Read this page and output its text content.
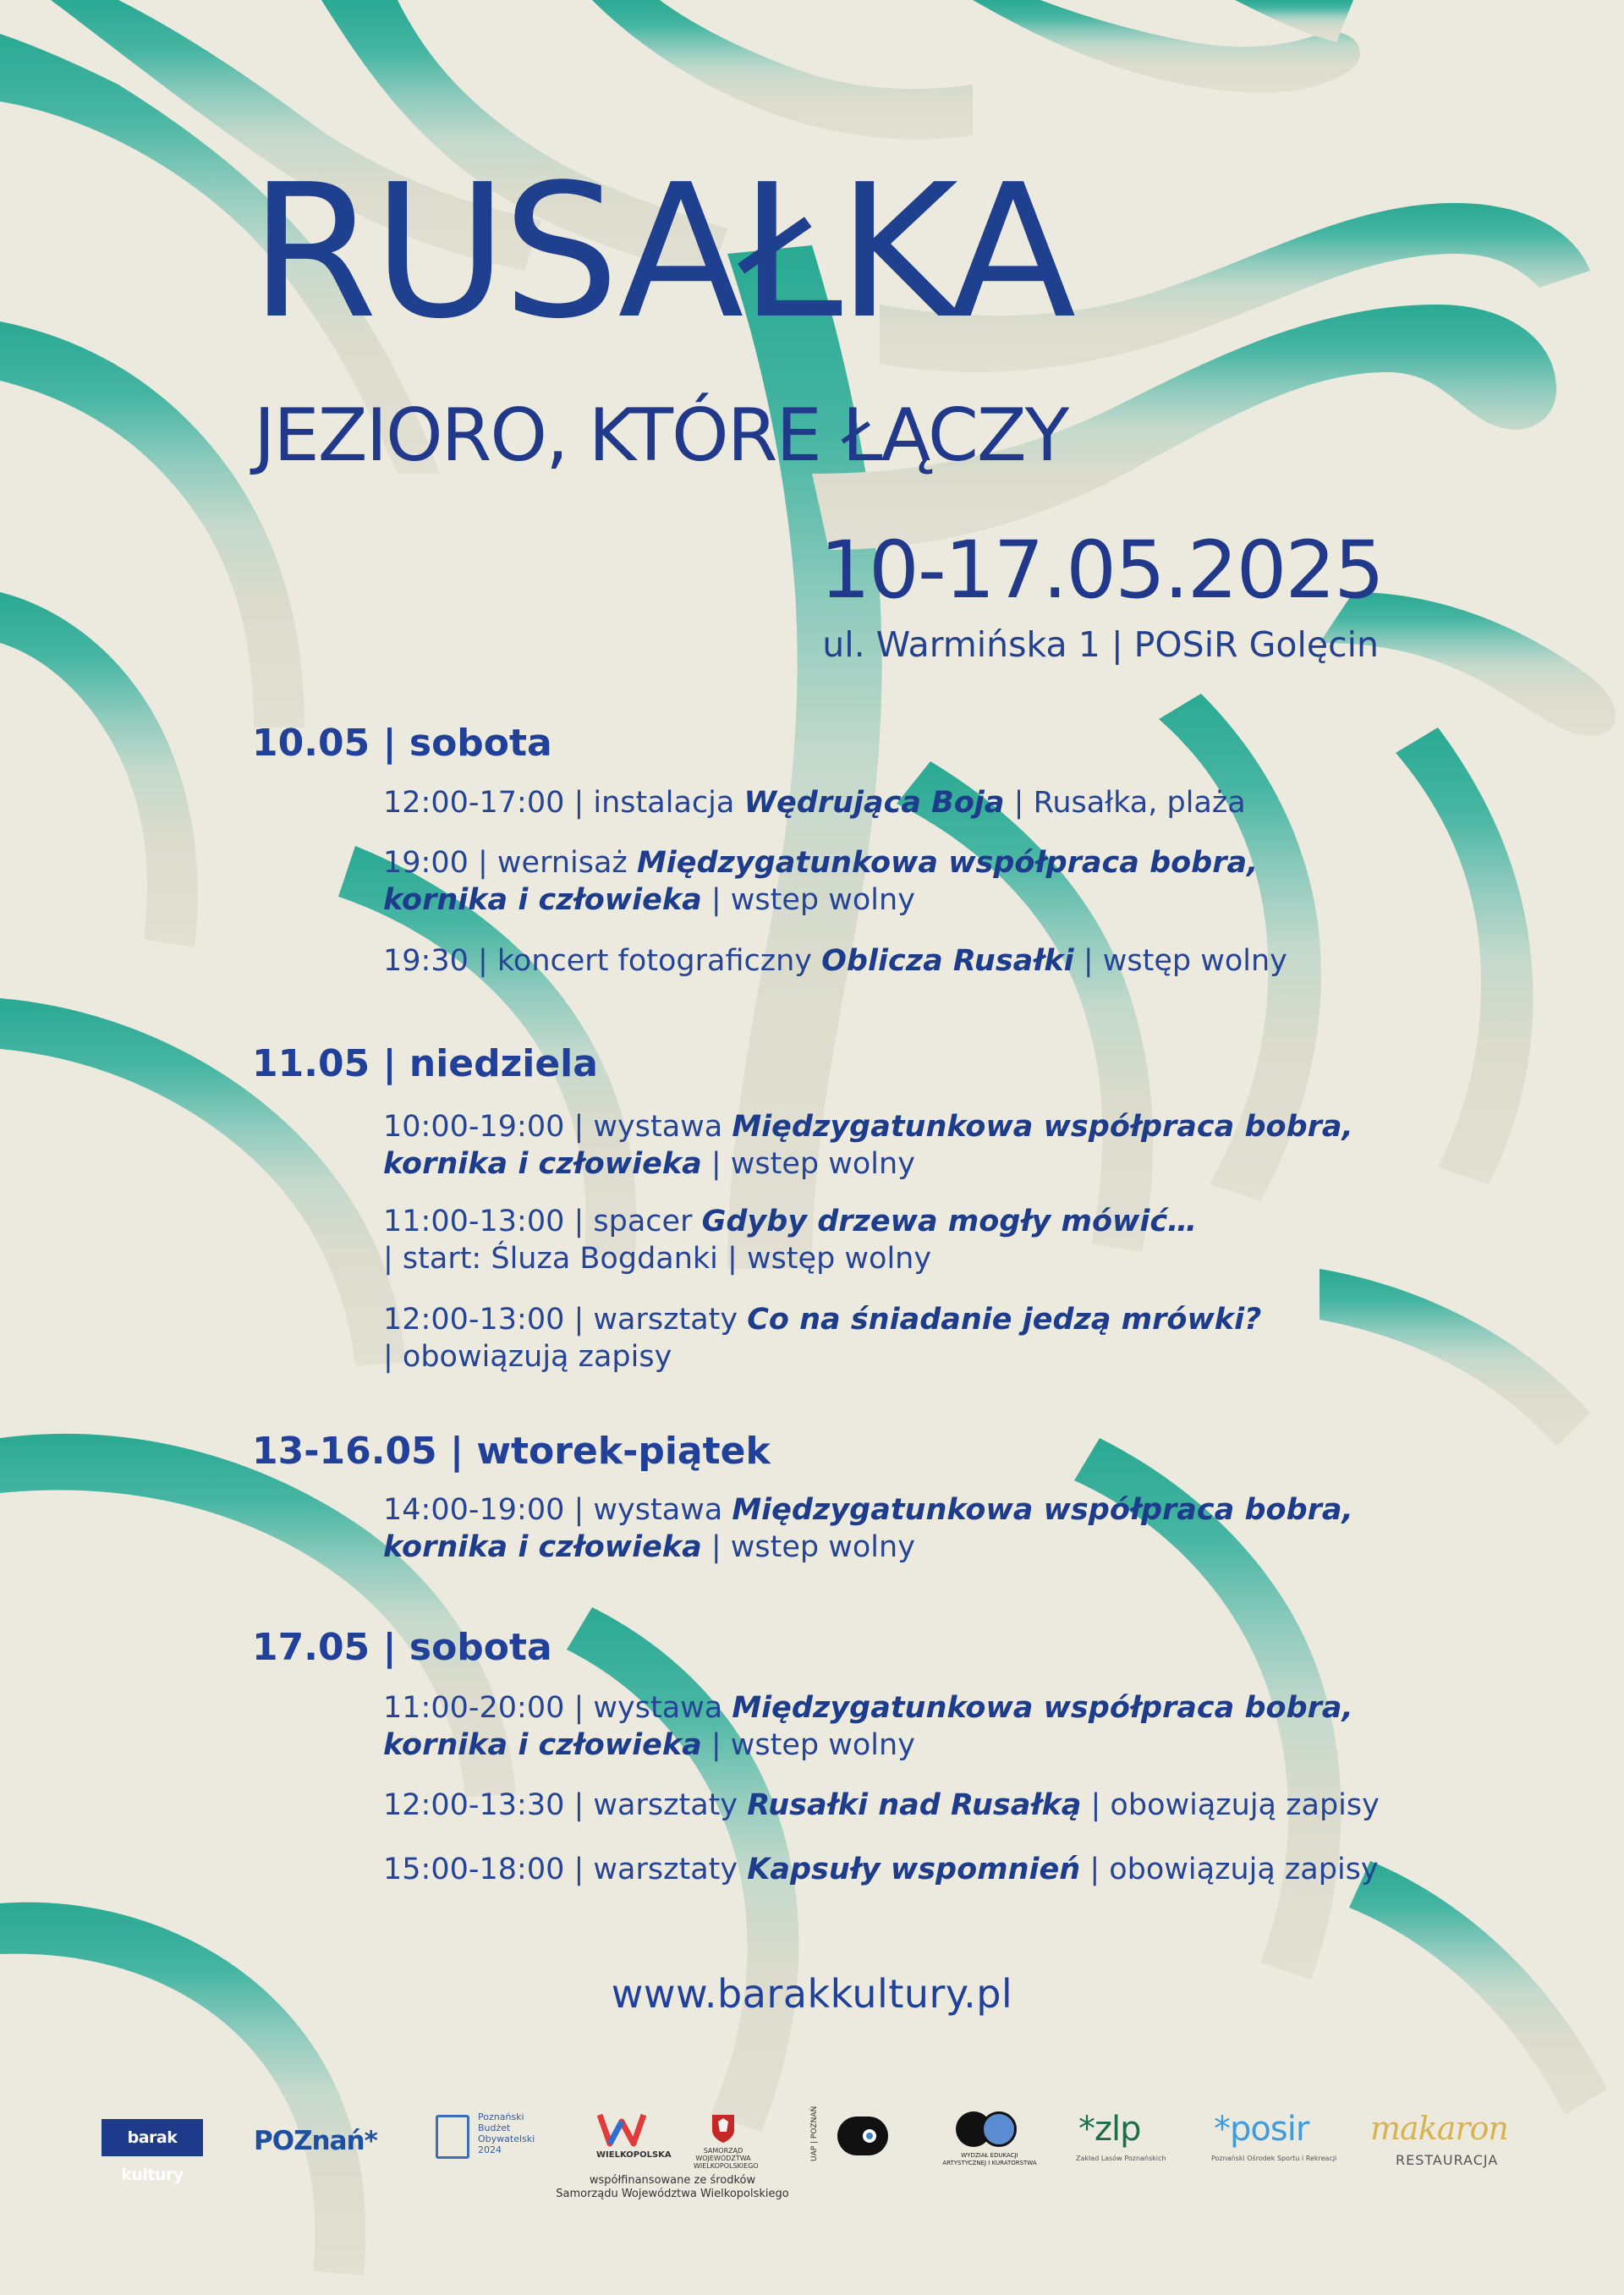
RUSAŁKA
JEZIORO, KTÓRE ŁĄCZY
10-17.05.2025
ul. Warmińska 1 | POSiR Golęcin
10.05 | sobota
12:00-17:00 | instalacja Wędrująca Boja | Rusałka, plaża
19:00 | wernisaż Międzygatunkowa współpraca bobra,
kornika i człowieka | wstep wolny
19:30 | koncert fotograficzny Oblicza Rusałki | wstęp wolny
11.05 | niedziela
10:00-19:00 | wystawa Międzygatunkowa współpraca bobra,
kornika i człowieka | wstep wolny
11:00-13:00 | spacer Gdyby drzewa mogły mówić…
| start: Śluza Bogdanki | wstęp wolny
12:00-13:00 | warsztaty Co na śniadanie jedzą mrówki?
| obowiązują zapisy
13-16.05 | wtorek-piątek
14:00-19:00 | wystawa Międzygatunkowa współpraca bobra,
kornika i człowieka | wstep wolny
17.05 | sobota
11:00-20:00 | wystawa Międzygatunkowa współpraca bobra,
kornika i człowieka | wstep wolny
12:00-13:30 | warsztaty Rusałki nad Rusałką | obowiązują zapisy
15:00-18:00 | warsztaty Kapsuły wspomnień | obowiązują zapisy
www.barakkultury.pl
barak kultury
POZnań*
Poznański
Budżet
Obywatelski
2024	WIELKOPOLSKA	SAMORZĄD WOJEWÓDZTWA WIELKOPOLSKIEGO
współfinansowane ze środków
Samorządu Województwa Wielkopolskiego
UAP | POZNAŃ	WYDZIAŁ EDUKACJI ARTYSTYCZNEJ I KURATORSTWA
*zlp
Zakład Lasów Poznańskich
*posir
Poznański Ośrodek Sportu i Rekreacji
makaron
RESTAURACJA
